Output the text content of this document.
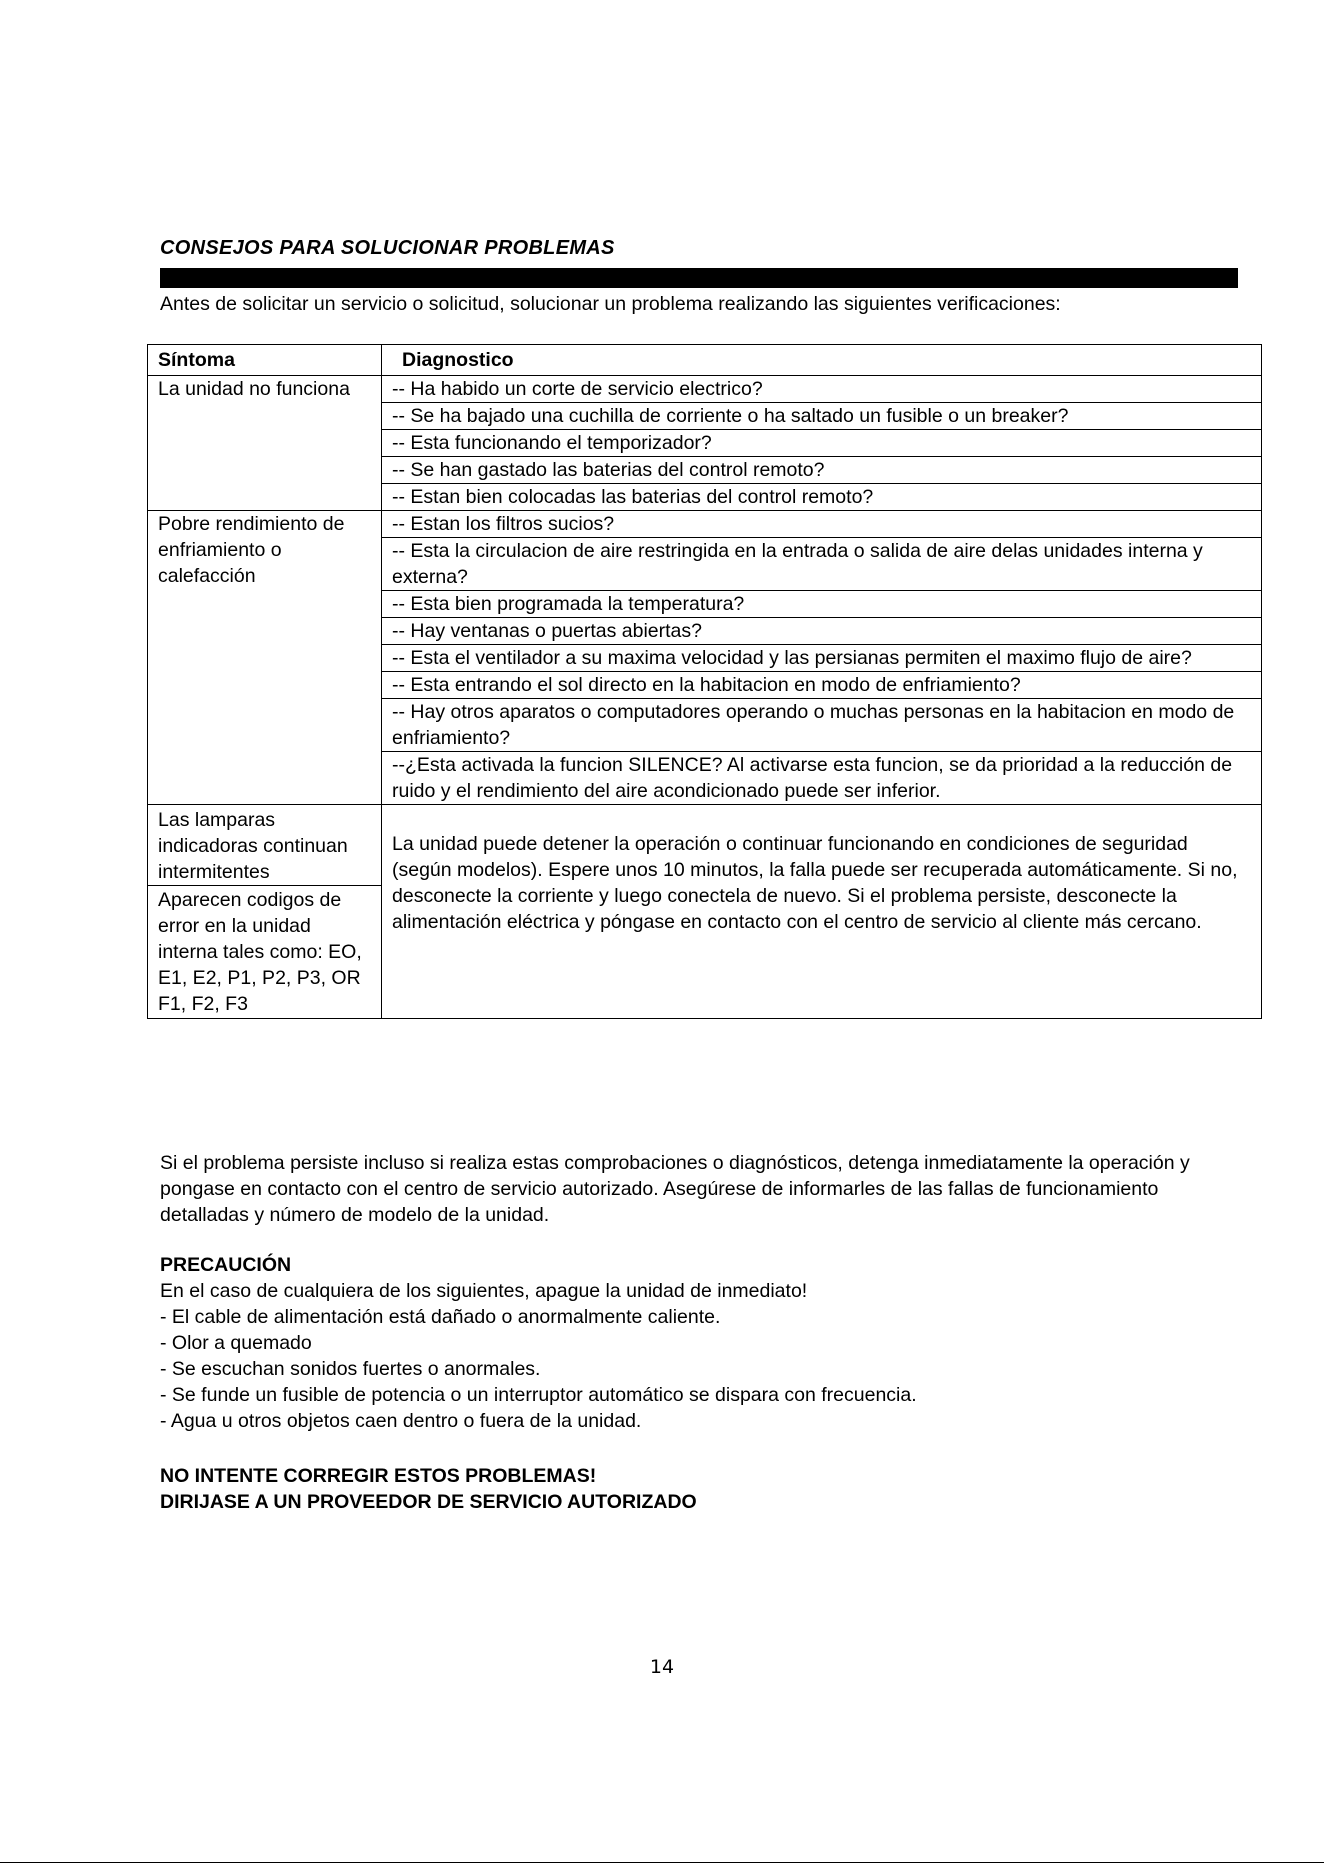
CONSEJOS PARA SOLUCIONAR PROBLEMAS
Antes de solicitar un servicio o solicitud, solucionar un problema realizando las siguientes verificaciones:
Síntoma	Diagnostico
La unidad no funciona	-- Ha habido un corte de servicio electrico?
	-- Se ha bajado una cuchilla de corriente o ha saltado un fusible o un breaker?
	-- Esta funcionando el temporizador?
	-- Se han gastado las baterias del control remoto?
	-- Estan bien colocadas las baterias del control remoto?
Pobre rendimiento de enfriamiento o calefacción	-- Estan los filtros sucios?
	-- Esta la circulacion de aire restringida en la entrada o salida de aire delas unidades interna y externa?
	-- Esta bien programada la temperatura?
	-- Hay ventanas o puertas abiertas?
	-- Esta el ventilador a su maxima velocidad y las persianas permiten el maximo flujo de aire?
	-- Esta entrando el sol directo en la habitacion en modo de enfriamiento?
	-- Hay otros aparatos o computadores operando o muchas personas en la habitacion en modo de enfriamiento?
	--¿Esta activada la funcion SILENCE? Al activarse esta funcion, se da prioridad a la reducción de ruido y el rendimiento del aire acondicionado puede ser inferior.
Las lamparas indicadoras continuan intermitentes	La unidad puede detener la operación o continuar funcionando en condiciones de seguridad (según modelos). Espere unos 10 minutos, la falla puede ser recuperada automáticamente. Si no, desconecte la corriente y luego conectela de nuevo. Si el problema persiste, desconecte la alimentación eléctrica y póngase en contacto con el centro de servicio al cliente más cercano.
Aparecen codigos de error en la unidad interna tales como: EO, E1, E2, P1, P2, P3, OR F1, F2, F3	
Si el problema persiste incluso si realiza estas comprobaciones o diagnósticos, detenga inmediatamente la operación y pongase en contacto con el centro de servicio autorizado. Asegúrese de informarles de las fallas de funcionamiento detalladas y número de modelo de la unidad.
PRECAUCIÓN
En el caso de cualquiera de los siguientes, apague la unidad de inmediato!
- El cable de alimentación está dañado o anormalmente caliente.
- Olor a quemado
- Se escuchan sonidos fuertes o anormales.
- Se funde un fusible de potencia o un interruptor automático se dispara con frecuencia.
- Agua u otros objetos caen dentro o fuera de la unidad.
NO INTENTE CORREGIR ESTOS PROBLEMAS!
DIRIJASE A UN PROVEEDOR DE SERVICIO AUTORIZADO
14
